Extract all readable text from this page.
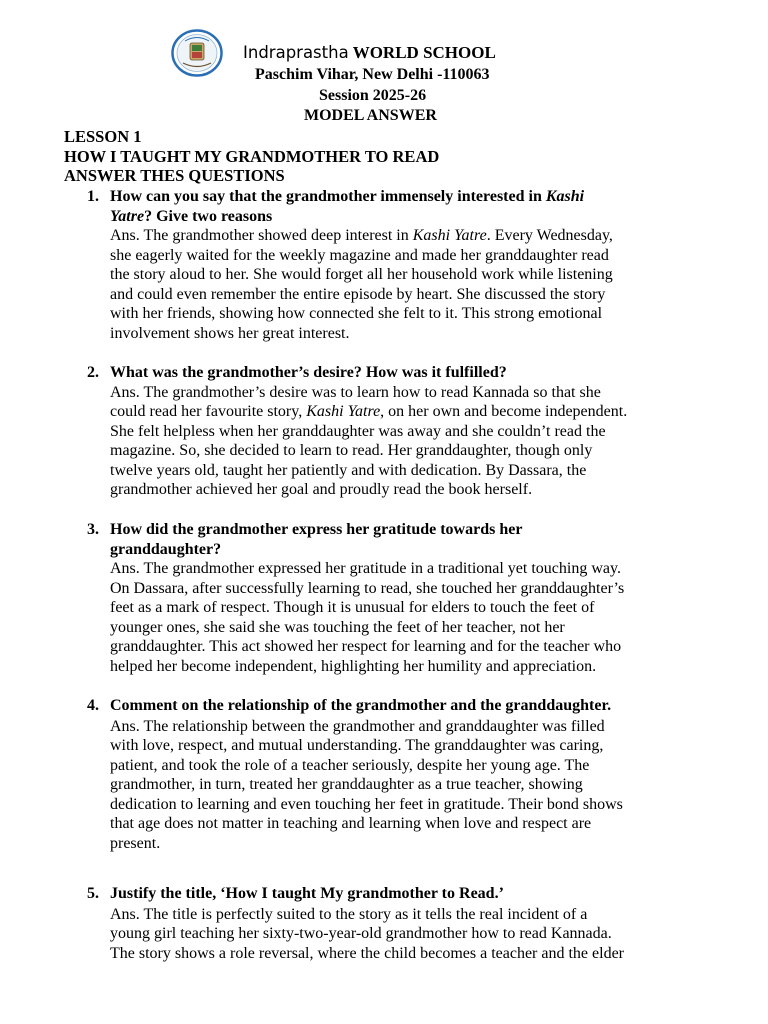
Indraprastha WORLD SCHOOL
Paschim Vihar, New Delhi -110063
Session 2025-26
MODEL ANSWER
LESSON 1
HOW I TAUGHT MY GRANDMOTHER TO READ
ANSWER THES QUESTIONS
1. How can you say that the grandmother immensely interested in Kashi
Yatre? Give two reasons
Ans. The grandmother showed deep interest in Kashi Yatre. Every Wednesday,
she eagerly waited for the weekly magazine and made her granddaughter read
the story aloud to her. She would forget all her household work while listening
and could even remember the entire episode by heart. She discussed the story
with her friends, showing how connected she felt to it. This strong emotional
involvement shows her great interest.
2. What was the grandmother’s desire? How was it fulfilled?
Ans. The grandmother’s desire was to learn how to read Kannada so that she
could read her favourite story, Kashi Yatre, on her own and become independent.
She felt helpless when her granddaughter was away and she couldn’t read the
magazine. So, she decided to learn to read. Her granddaughter, though only
twelve years old, taught her patiently and with dedication. By Dassara, the
grandmother achieved her goal and proudly read the book herself.
3. How did the grandmother express her gratitude towards her
granddaughter?
Ans. The grandmother expressed her gratitude in a traditional yet touching way.
On Dassara, after successfully learning to read, she touched her granddaughter’s
feet as a mark of respect. Though it is unusual for elders to touch the feet of
younger ones, she said she was touching the feet of her teacher, not her
granddaughter. This act showed her respect for learning and for the teacher who
helped her become independent, highlighting her humility and appreciation.
4. Comment on the relationship of the grandmother and the granddaughter.
Ans. The relationship between the grandmother and granddaughter was filled
with love, respect, and mutual understanding. The granddaughter was caring,
patient, and took the role of a teacher seriously, despite her young age. The
grandmother, in turn, treated her granddaughter as a true teacher, showing
dedication to learning and even touching her feet in gratitude. Their bond shows
that age does not matter in teaching and learning when love and respect are
present.
5. Justify the title, ‘How I taught My grandmother to Read.’
Ans. The title is perfectly suited to the story as it tells the real incident of a
young girl teaching her sixty-two-year-old grandmother how to read Kannada.
The story shows a role reversal, where the child becomes a teacher and the elder
